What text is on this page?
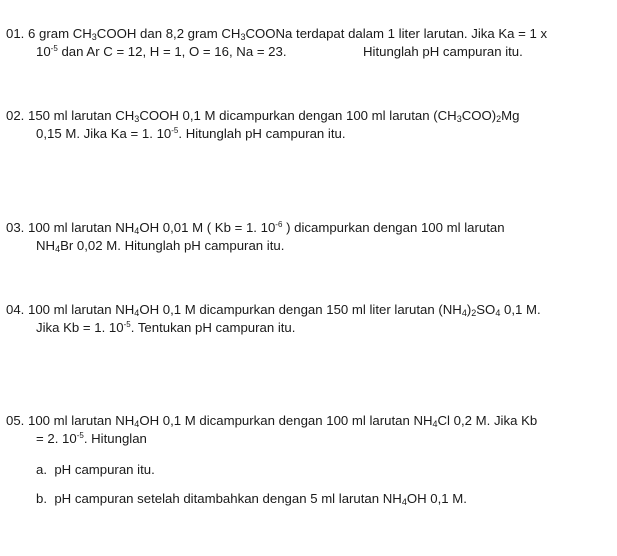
01. 6 gram $CH_3COOH$ dan 8,2 gram $CH_3COONa$ terdapat dalam 1 liter larutan. Jika Ka = 1 x
$10^{-5}$ dan Ar C = 12, H = 1, O = 16, Na = 23.	Hitunglah pH campuran itu.
02. 150 ml larutan $CH_3COOH$ 0,1 M dicampurkan dengan 100 ml larutan $(CH_3COO)_2Mg$
0,15 M. Jika Ka = 1. $10^{-5}$. Hitunglah pH campuran itu.
03. 100 ml larutan $NH_4OH$ 0,01 M ( Kb = 1. $10^{-6}$ ) dicampurkan dengan 100 ml larutan
$NH_4Br$ 0,02 M. Hitunglah pH campuran itu.
04. 100 ml larutan $NH_4OH$ 0,1 M dicampurkan dengan 150 ml liter larutan $(NH_4)_2SO_4$ 0,1 M.
Jika Kb = 1. $10^{-5}$. Tentukan pH campuran itu.
05. 100 ml larutan $NH_4OH$ 0,1 M dicampurkan dengan 100 ml larutan $NH_4Cl$ 0,2 M. Jika Kb
= 2. $10^{-5}$. Hitunglan
a. pH campuran itu.
b. pH campuran setelah ditambahkan dengan 5 ml larutan $NH_4OH$ 0,1 M.
